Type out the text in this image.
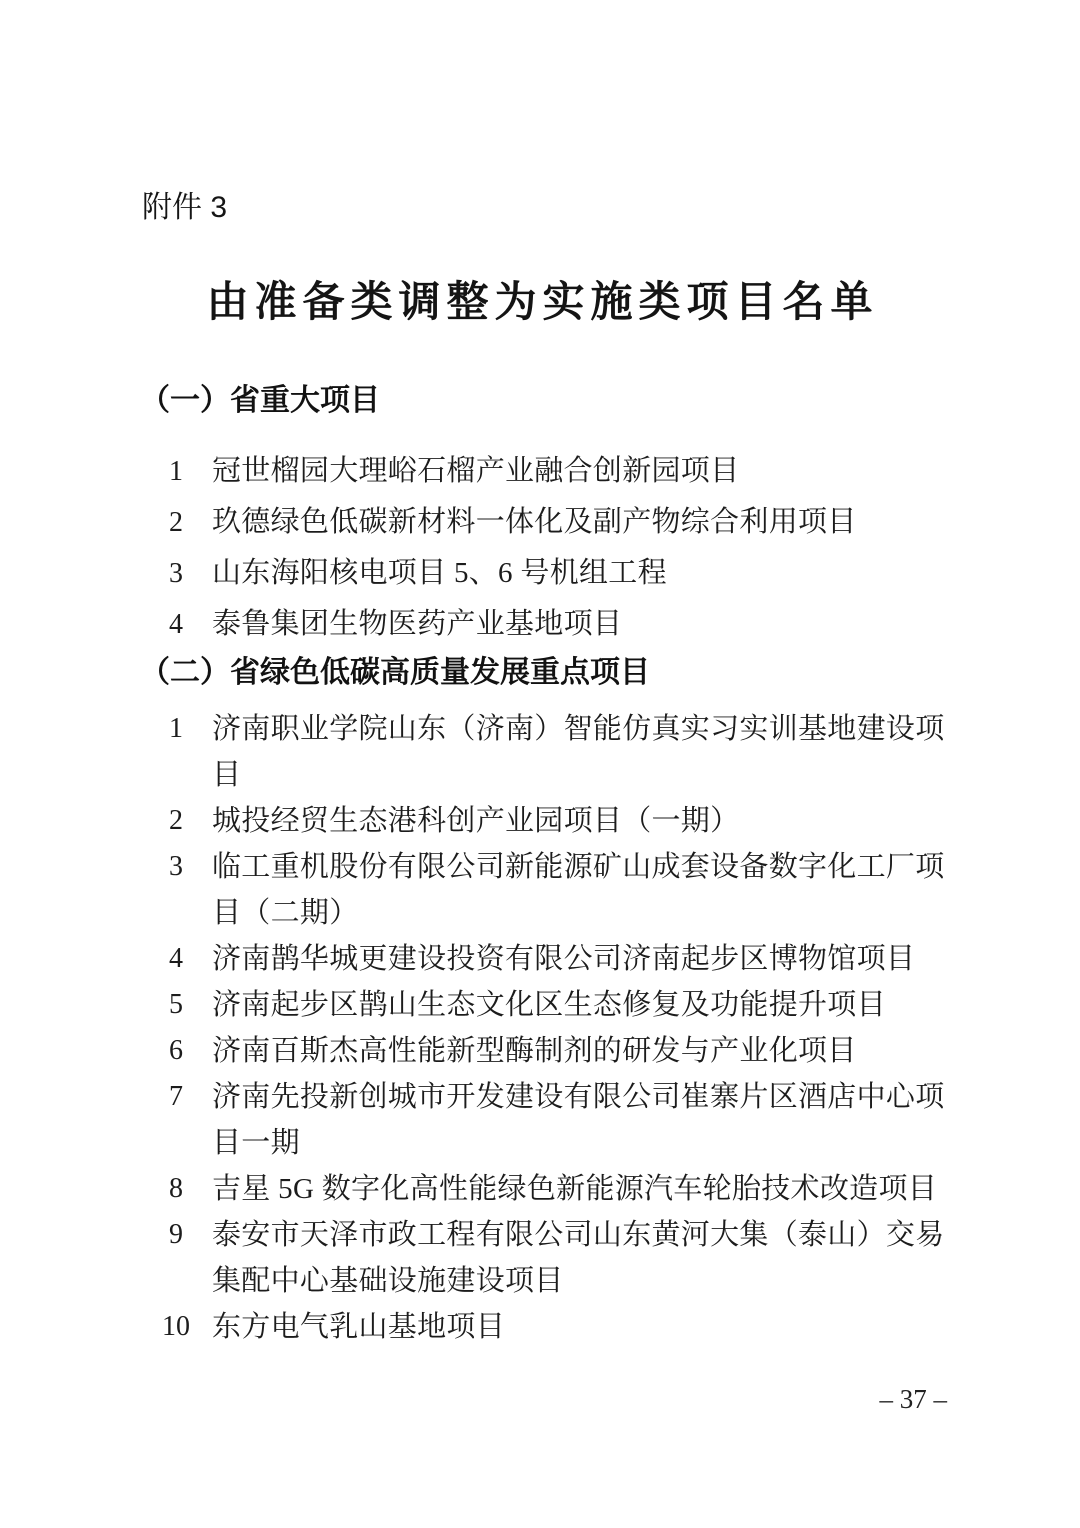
附件 3
由准备类调整为实施类项目名单
（一）省重大项目
1	冠世榴园大理峪石榴产业融合创新园项目
2	玖德绿色低碳新材料一体化及副产物综合利用项目
3	山东海阳核电项目 5、6 号机组工程
4	泰鲁集团生物医药产业基地项目
（二）省绿色低碳高质量发展重点项目
1	济南职业学院山东（济南）智能仿真实习实训基地建设项目
2	城投经贸生态港科创产业园项目（一期）
3	临工重机股份有限公司新能源矿山成套设备数字化工厂项目（二期）
4	济南鹊华城更建设投资有限公司济南起步区博物馆项目
5	济南起步区鹊山生态文化区生态修复及功能提升项目
6	济南百斯杰高性能新型酶制剂的研发与产业化项目
7	济南先投新创城市开发建设有限公司崔寨片区酒店中心项目一期
8	吉星 5G 数字化高性能绿色新能源汽车轮胎技术改造项目
9	泰安市天泽市政工程有限公司山东黄河大集（泰山）交易集配中心基础设施建设项目
10 东方电气乳山基地项目
– 37 –
